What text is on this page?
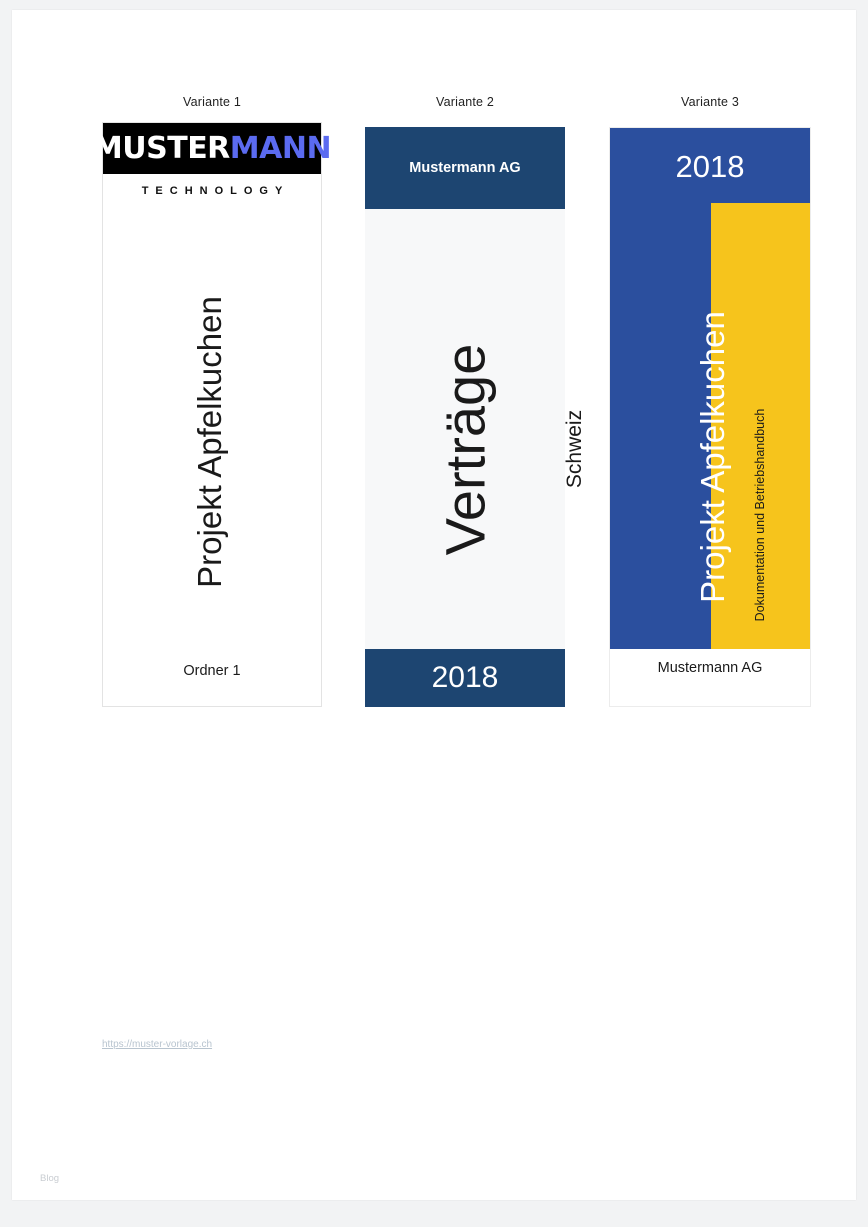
Variante 1	Variante 2	Variante 3
MUSTERMANN
TECHNOLOGY
Projekt Apfelkuchen
Ordner 1
Mustermann AG
Verträge	Schweiz
2018
2018
Projekt Apfelkuchen Dokumentation und Betriebshandbuch
Mustermann AG
https://muster-vorlage.ch
Blog
